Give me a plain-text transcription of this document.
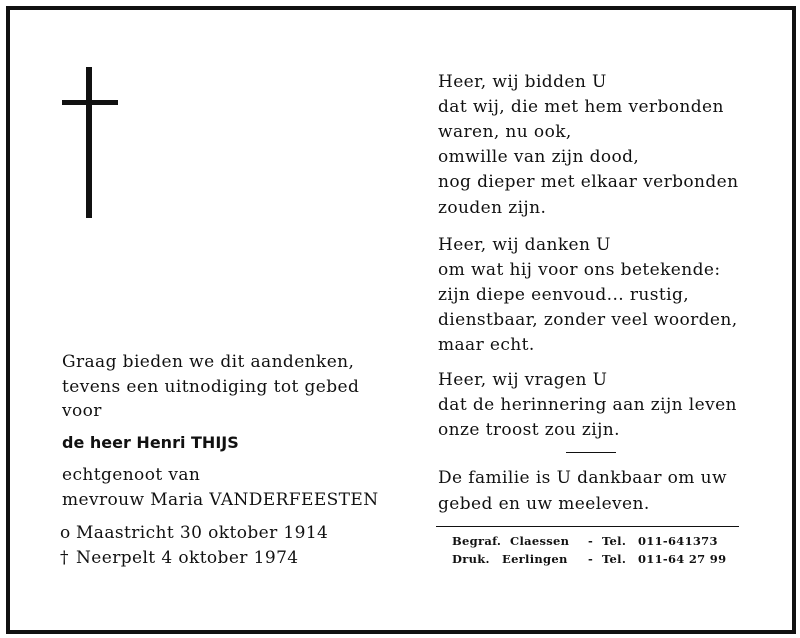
Graag bieden we dit aandenken,
tevens een uitnodiging tot gebed
voor
de heer Henri THIJS
echtgenoot van
mevrouw Maria VANDERFEESTEN
o Maastricht 30 oktober 1914
† Neerpelt 4 oktober 1974
Heer, wij bidden U
dat wij, die met hem verbonden
waren, nu ook,
omwille van zijn dood,
nog dieper met elkaar verbonden
zouden zijn.
Heer, wij danken U
om wat hij voor ons betekende:
zijn diepe eenvoud... rustig,
dienstbaar, zonder veel woorden,
maar echt.
Heer, wij vragen U
dat de herinnering aan zijn leven
onze troost zou zijn.
De familie is U dankbaar om uw
gebed en uw meeleven.
Begraf. Claessen - Tel. 011-641373
Druk. Eerlingen - Tel. 011-64 27 99
